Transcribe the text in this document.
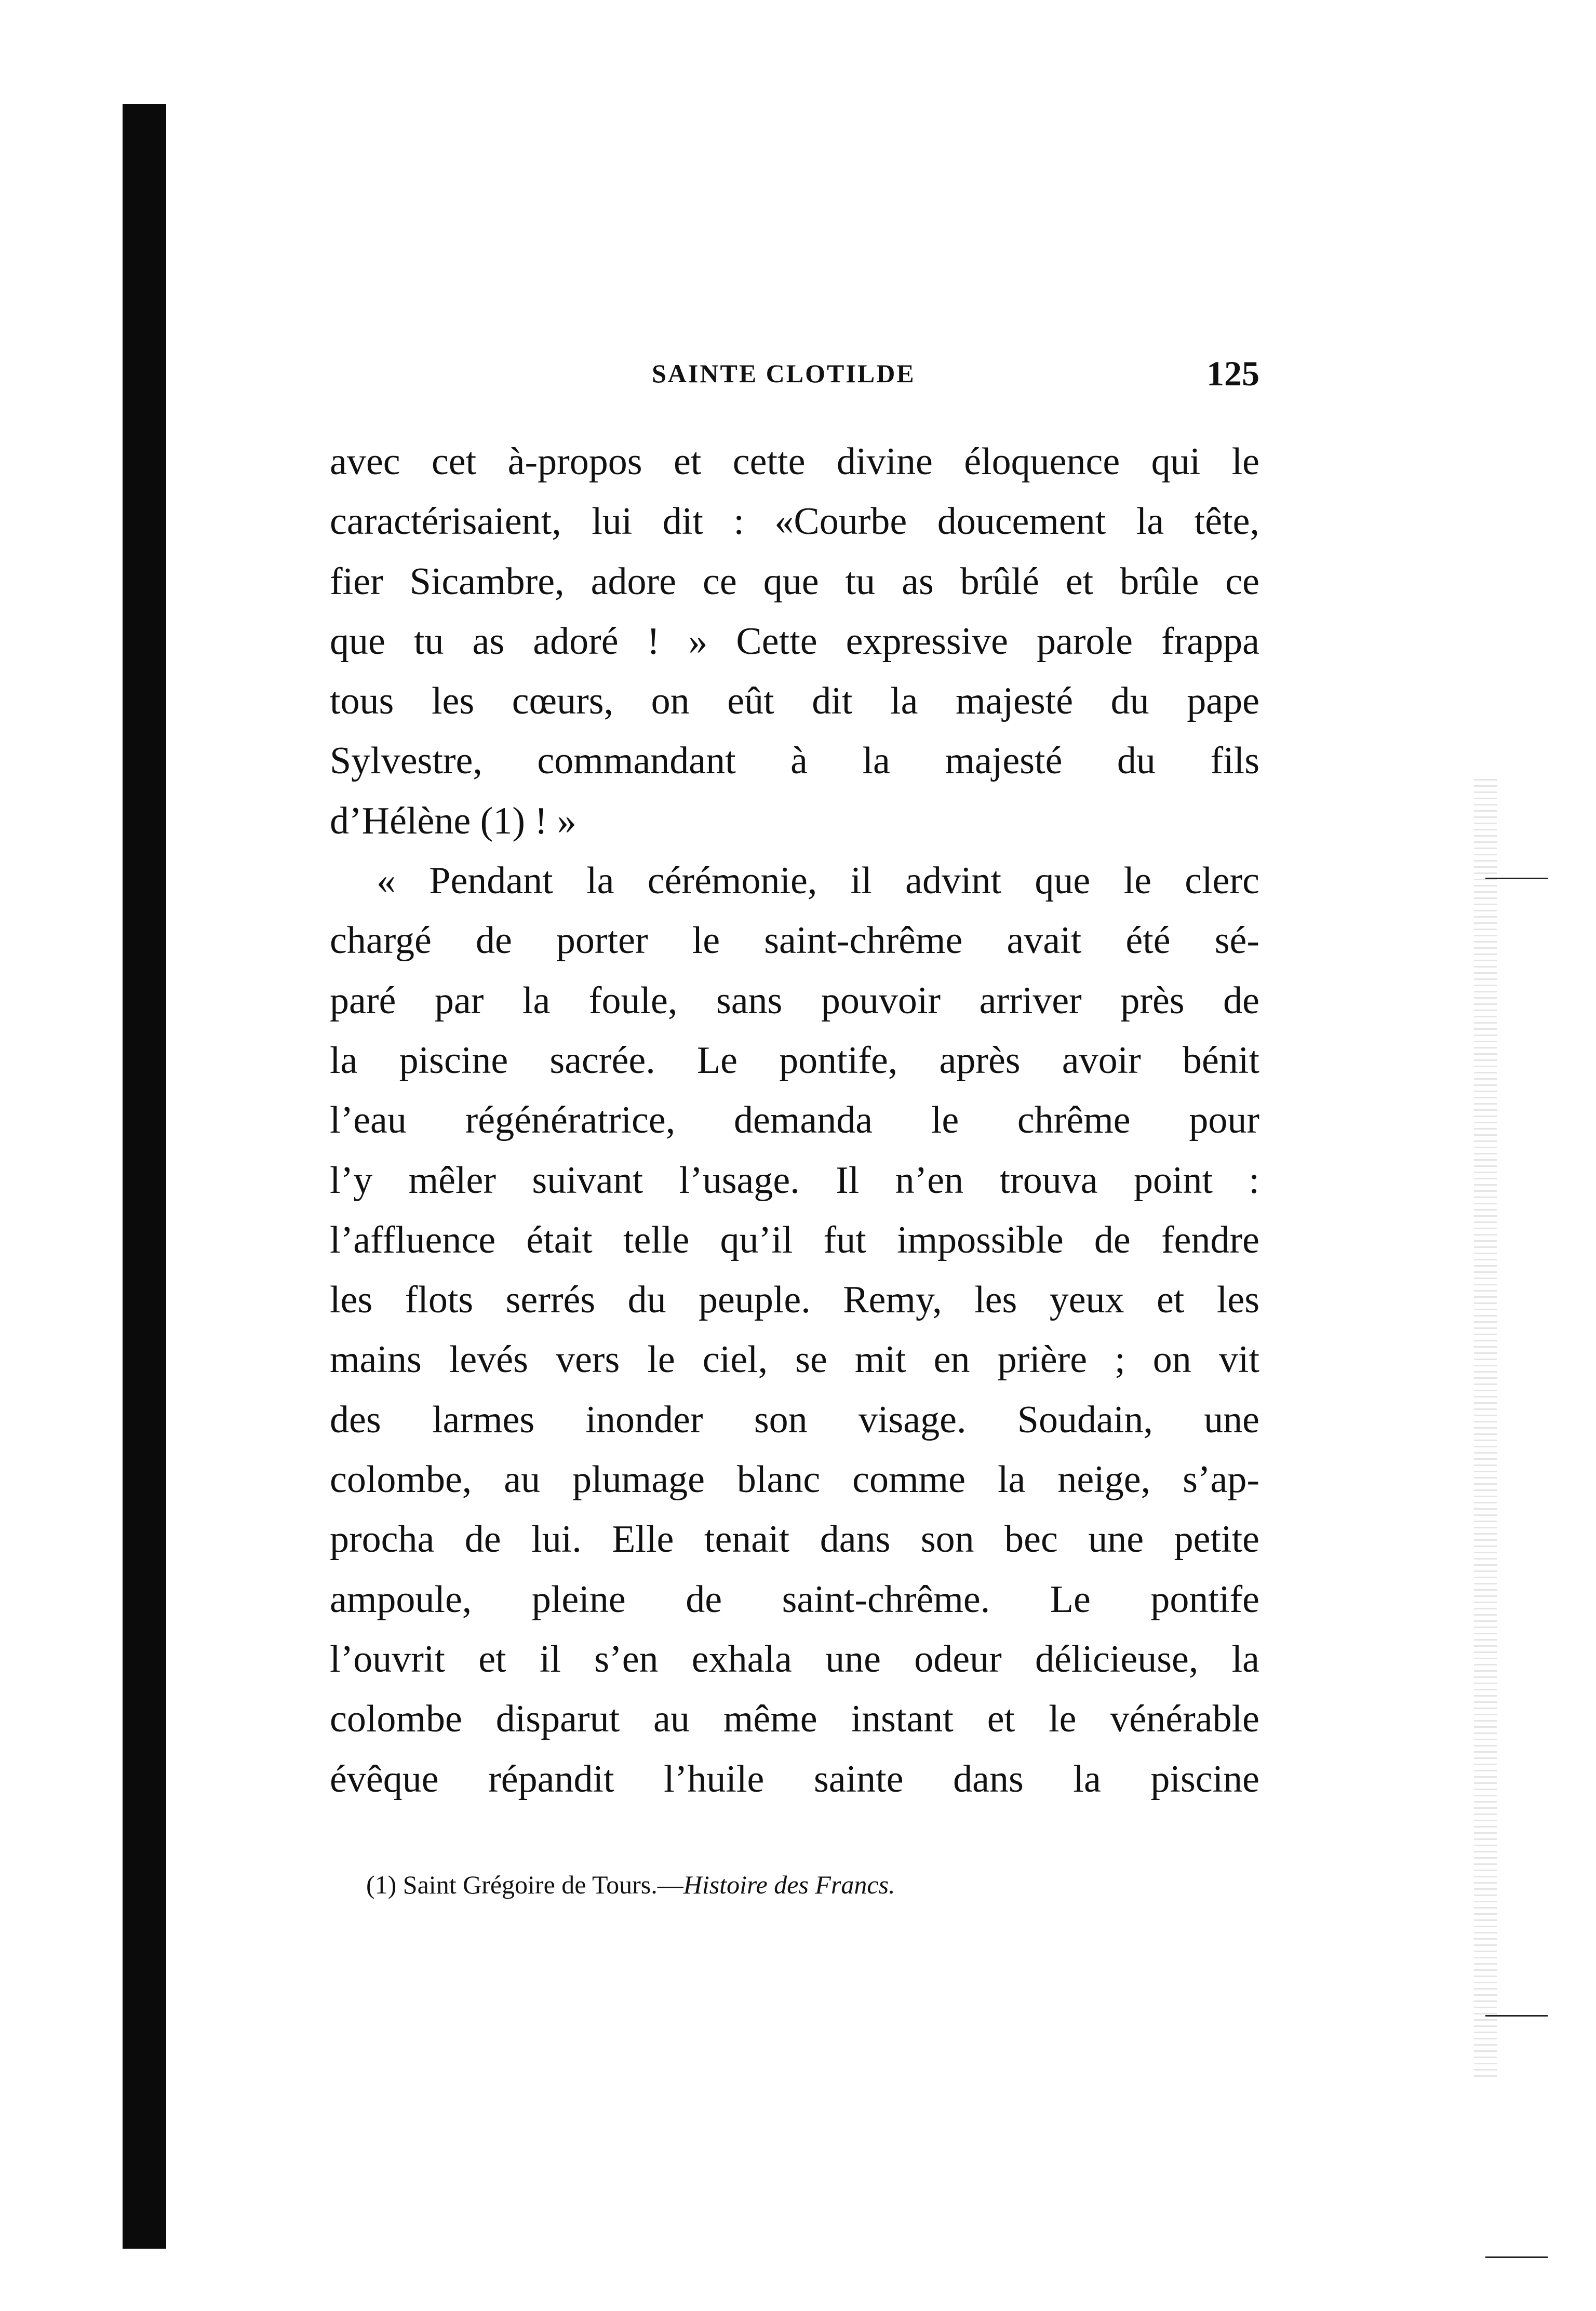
SAINTE CLOTILDE	125
avec cet à-propos et cette divine éloquence qui le
caractérisaient, lui dit : «Courbe doucement la tête,
fier Sicambre, adore ce que tu as brûlé et brûle ce
que tu as adoré ! » Cette expressive parole frappa
tous les cœurs, on eût dit la majesté du pape
Sylvestre, commandant à la majesté du fils
d’Hélène (1) ! »
« Pendant la cérémonie, il advint que le clerc
chargé de porter le saint-chrême avait été sé-
paré par la foule, sans pouvoir arriver près de
la piscine sacrée. Le pontife, après avoir bénit
l’eau régénératrice, demanda le chrême pour
l’y mêler suivant l’usage. Il n’en trouva point :
l’affluence était telle qu’il fut impossible de fendre
les flots serrés du peuple. Remy, les yeux et les
mains levés vers le ciel, se mit en prière ; on vit
des larmes inonder son visage. Soudain, une
colombe, au plumage blanc comme la neige, s’ap-
procha de lui. Elle tenait dans son bec une petite
ampoule, pleine de saint-chrême. Le pontife
l’ouvrit et il s’en exhala une odeur délicieuse, la
colombe disparut au même instant et le vénérable
évêque répandit l’huile sainte dans la piscine
(1) Saint Grégoire de Tours.—Histoire des Francs.
